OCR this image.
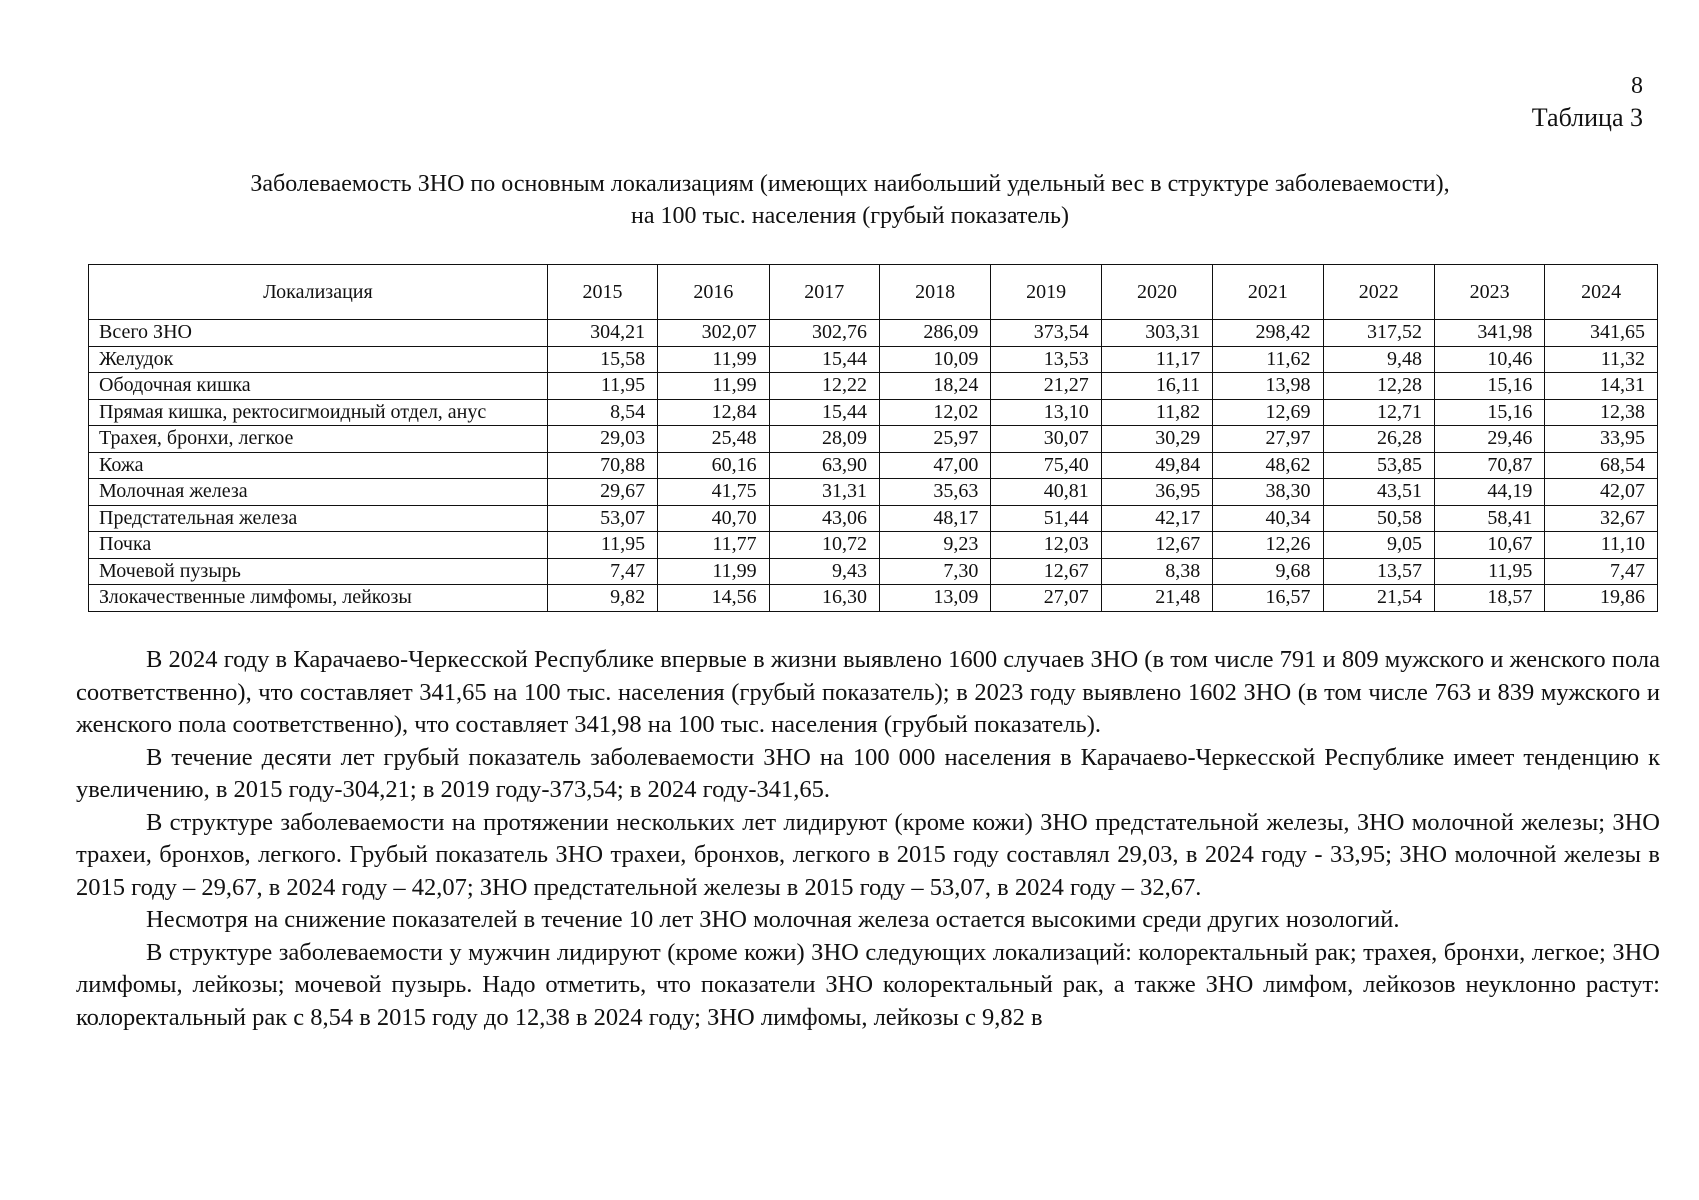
8
Таблица 3
Заболеваемость ЗНО по основным локализациям (имеющих наибольший удельный вес в структуре заболеваемости),
на 100 тыс. населения (грубый показатель)
Локализация	2015	2016	2017	2018	2019	2020	2021	2022	2023	2024
Всего ЗНО	304,21	302,07	302,76	286,09	373,54	303,31	298,42	317,52	341,98	341,65
Желудок	15,58	11,99	15,44	10,09	13,53	11,17	11,62	9,48	10,46	11,32
Ободочная кишка	11,95	11,99	12,22	18,24	21,27	16,11	13,98	12,28	15,16	14,31
Прямая кишка, ректосигмоидный отдел, анус	8,54	12,84	15,44	12,02	13,10	11,82	12,69	12,71	15,16	12,38
Трахея, бронхи, легкое	29,03	25,48	28,09	25,97	30,07	30,29	27,97	26,28	29,46	33,95
Кожа	70,88	60,16	63,90	47,00	75,40	49,84	48,62	53,85	70,87	68,54
Молочная железа	29,67	41,75	31,31	35,63	40,81	36,95	38,30	43,51	44,19	42,07
Предстательная железа	53,07	40,70	43,06	48,17	51,44	42,17	40,34	50,58	58,41	32,67
Почка	11,95	11,77	10,72	9,23	12,03	12,67	12,26	9,05	10,67	11,10
Мочевой пузырь	7,47	11,99	9,43	7,30	12,67	8,38	9,68	13,57	11,95	7,47
Злокачественные лимфомы, лейкозы	9,82	14,56	16,30	13,09	27,07	21,48	16,57	21,54	18,57	19,86

В 2024 году в Карачаево-Черкесской Республике впервые в жизни выявлено 1600 случаев ЗНО (в том числе 791 и 809 мужского и женского пола соответственно), что составляет 341,65 на 100 тыс. населения (грубый показатель); в 2023 году выявлено 1602 ЗНО (в том числе 763 и 839 мужского и женского пола соответственно), что составляет 341,98 на 100 тыс. населения (грубый показатель).

В течение десяти лет грубый показатель заболеваемости ЗНО на 100 000 населения в Карачаево-Черкесской Республике имеет тенденцию к увеличению, в 2015 году-304,21; в 2019 году-373,54; в 2024 году-341,65.

В структуре заболеваемости на протяжении нескольких лет лидируют (кроме кожи) ЗНО предстательной железы, ЗНО молочной железы; ЗНО трахеи, бронхов, легкого. Грубый показатель ЗНО трахеи, бронхов, легкого в 2015 году составлял 29,03, в 2024 году - 33,95; ЗНО молочной железы в 2015 году – 29,67, в 2024 году – 42,07; ЗНО предстательной железы в 2015 году – 53,07, в 2024 году – 32,67.

Несмотря на снижение показателей в течение 10 лет ЗНО молочная железа остается высокими среди других нозологий.

В структуре заболеваемости у мужчин лидируют (кроме кожи) ЗНО следующих локализаций: колоректальный рак; трахея, бронхи, легкое; ЗНО лимфомы, лейкозы; мочевой пузырь. Надо отметить, что показатели ЗНО колоректальный рак, а также ЗНО лимфом, лейкозов неуклонно растут: колоректальный рак с 8,54 в 2015 году до 12,38 в 2024 году; ЗНО лимфомы, лейкозы с 9,82 в
